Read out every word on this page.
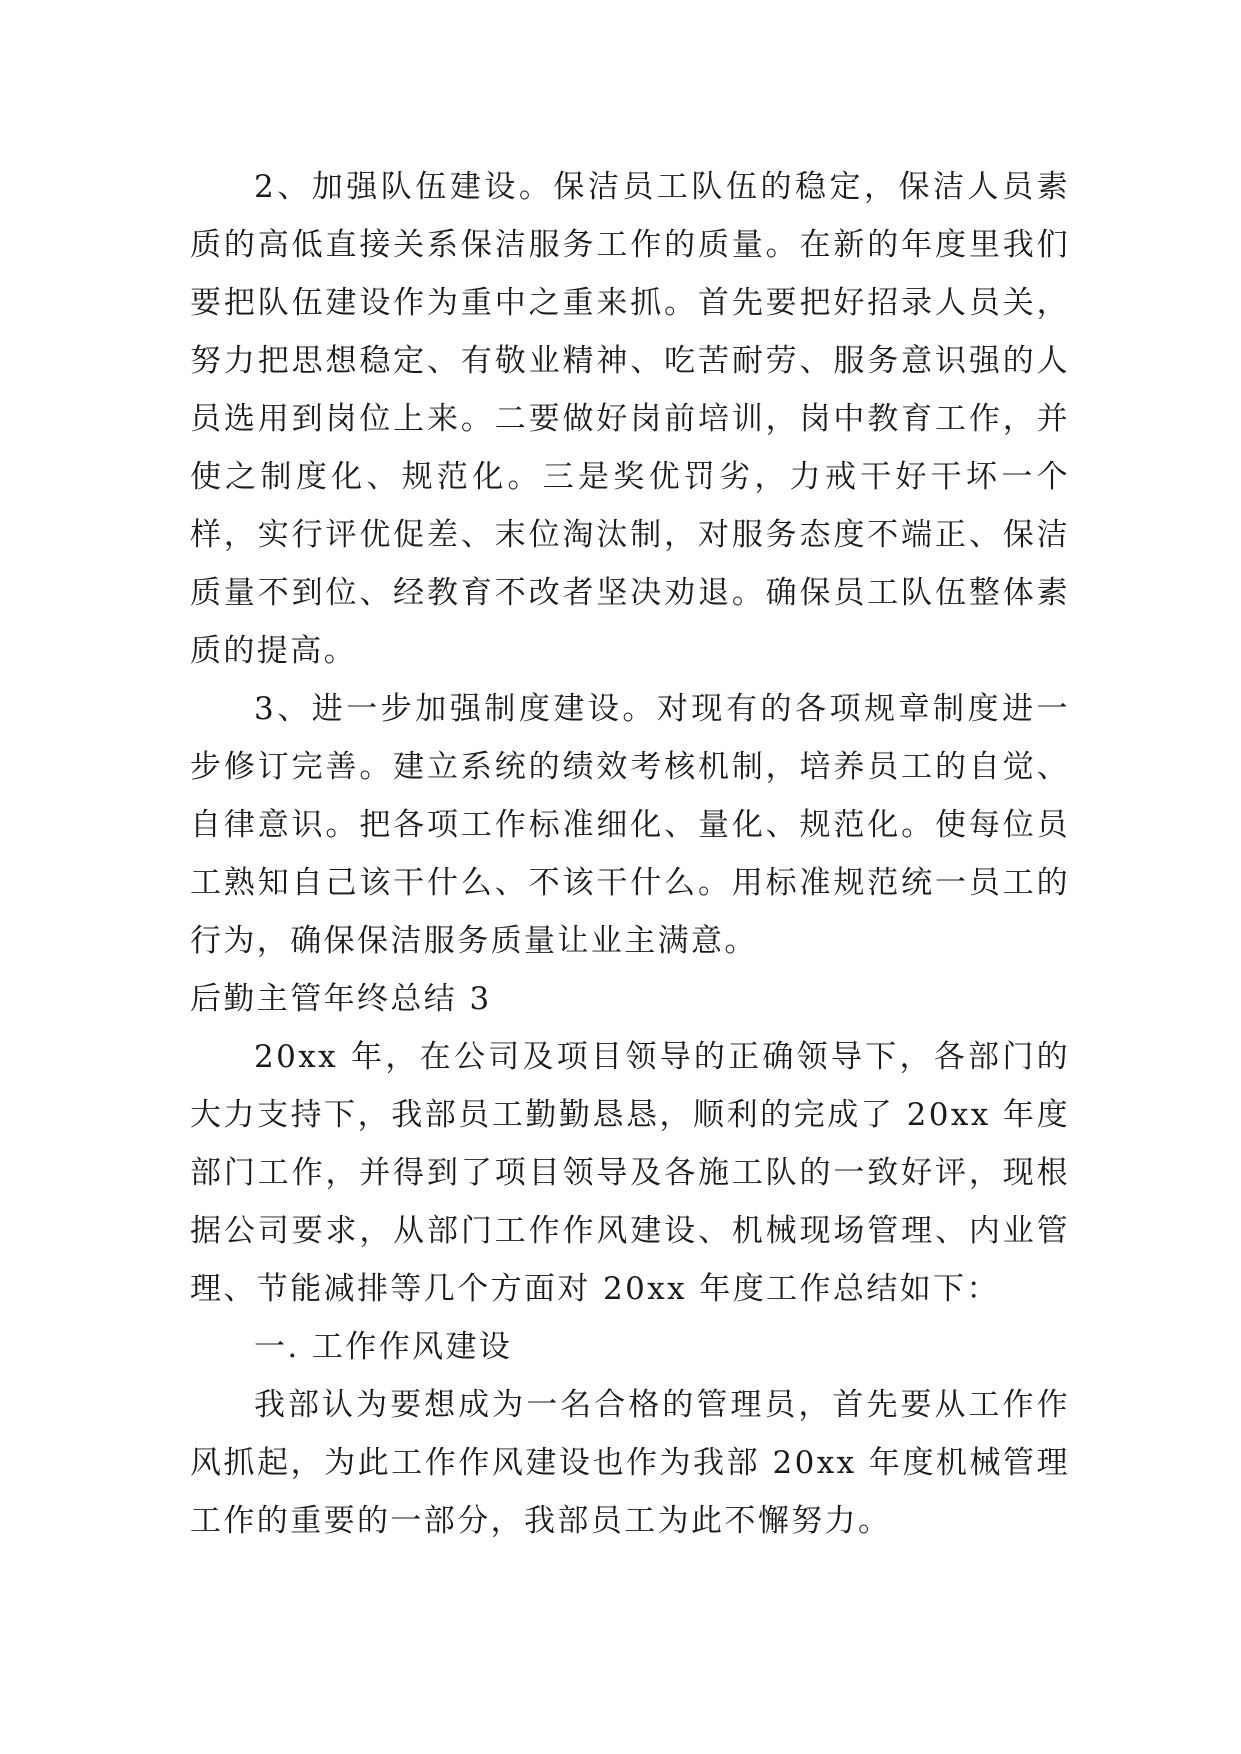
2、加强队伍建设。保洁员工队伍的稳定，保洁人员素质的高低直接关系保洁服务工作的质量。在新的年度里我们要把队伍建设作为重中之重来抓。首先要把好招录人员关，努力把思想稳定、有敬业精神、吃苦耐劳、服务意识强的人员选用到岗位上来。二要做好岗前培训，岗中教育工作，并使之制度化、规范化。三是奖优罚劣，力戒干好干坏一个样，实行评优促差、末位淘汰制，对服务态度不端正、保洁质量不到位、经教育不改者坚决劝退。确保员工队伍整体素质的提高。

3、进一步加强制度建设。对现有的各项规章制度进一步修订完善。建立系统的绩效考核机制，培养员工的自觉、自律意识。把各项工作标准细化、量化、规范化。使每位员工熟知自己该干什么、不该干什么。用标准规范统一员工的行为，确保保洁服务质量让业主满意。

后勤主管年终总结 3

20xx 年，在公司及项目领导的正确领导下，各部门的大力支持下，我部员工勤勤恳恳，顺利的完成了 20xx 年度部门工作，并得到了项目领导及各施工队的一致好评，现根据公司要求，从部门工作作风建设、机械现场管理、内业管理、节能减排等几个方面对 20xx 年度工作总结如下：

一. 工作作风建设

我部认为要想成为一名合格的管理员，首先要从工作作风抓起，为此工作作风建设也作为我部 20xx 年度机械管理工作的重要的一部分，我部员工为此不懈努力。
